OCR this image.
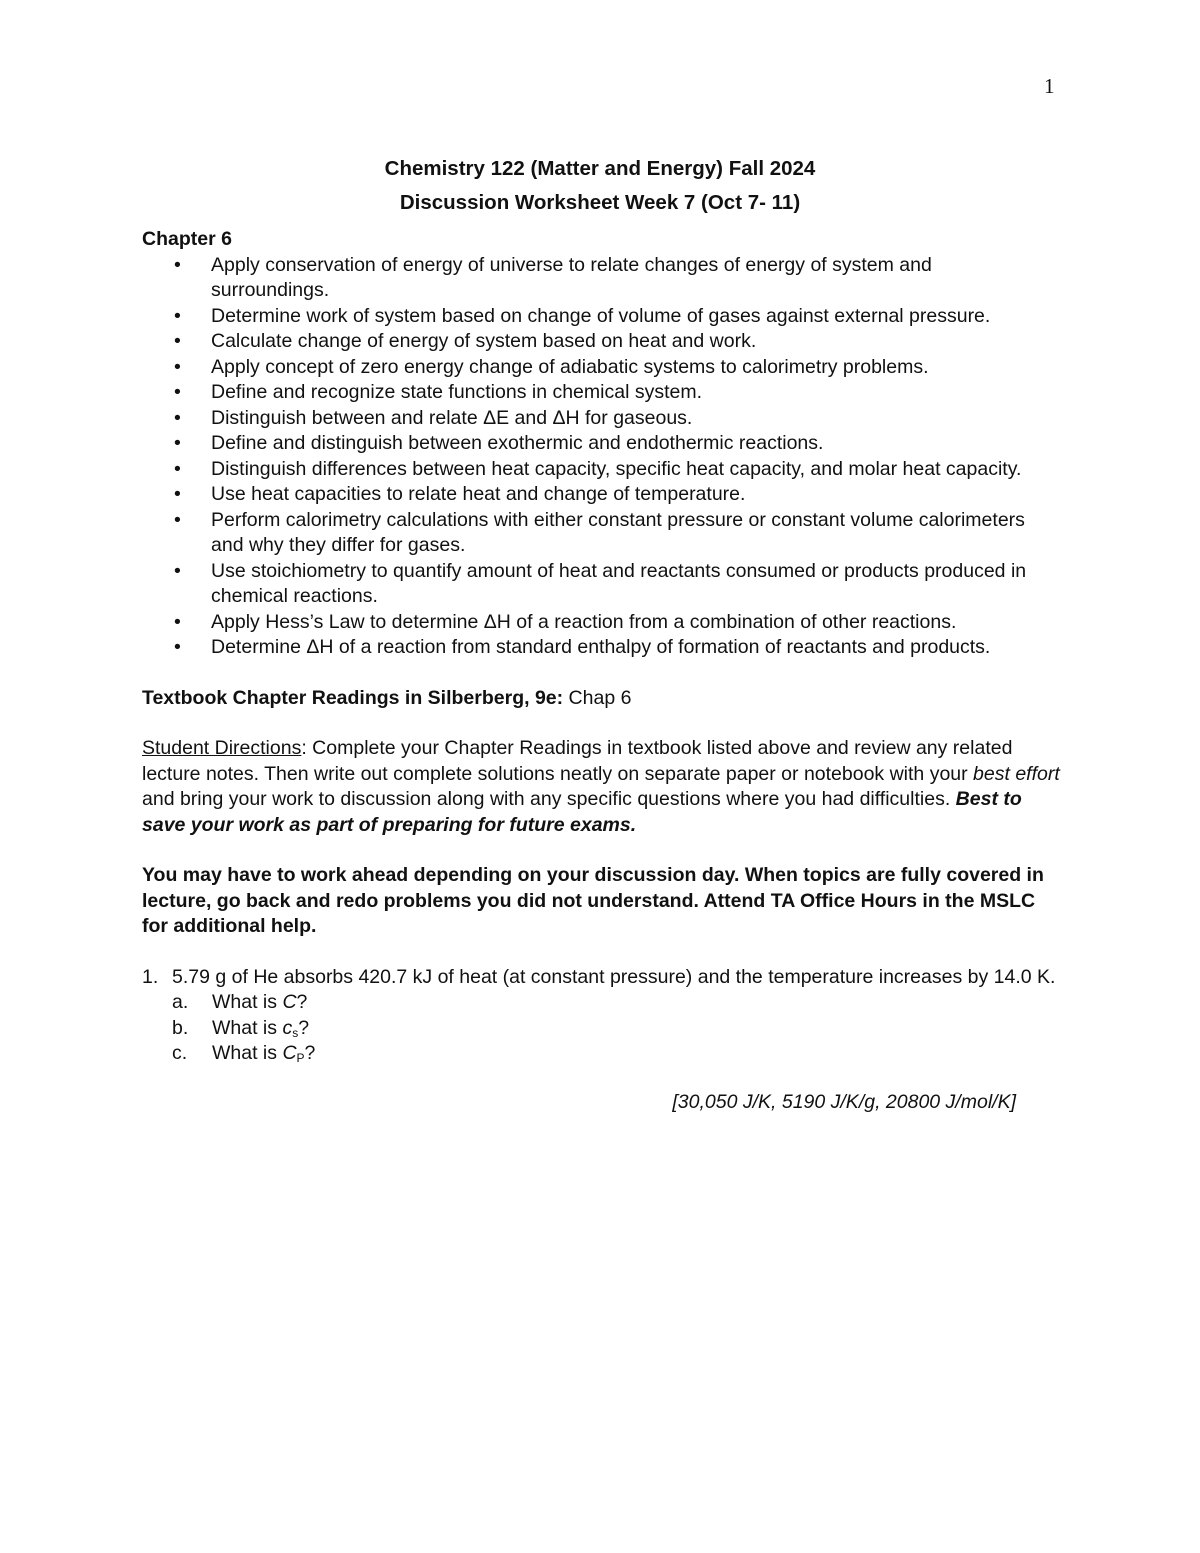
1
Chemistry 122 (Matter and Energy) Fall 2024
Discussion Worksheet Week 7 (Oct 7- 11)
Chapter 6
• Apply conservation of energy of universe to relate changes of energy of system and surroundings.
• Determine work of system based on change of volume of gases against external pressure.
• Calculate change of energy of system based on heat and work.
• Apply concept of zero energy change of adiabatic systems to calorimetry problems.
• Define and recognize state functions in chemical system.
• Distinguish between and relate ΔE and ΔH for gaseous.
• Define and distinguish between exothermic and endothermic reactions.
• Distinguish differences between heat capacity, specific heat capacity, and molar heat capacity.
• Use heat capacities to relate heat and change of temperature.
• Perform calorimetry calculations with either constant pressure or constant volume calorimeters and why they differ for gases.
• Use stoichiometry to quantify amount of heat and reactants consumed or products produced in chemical reactions.
• Apply Hess’s Law to determine ΔH of a reaction from a combination of other reactions.
• Determine ΔH of a reaction from standard enthalpy of formation of reactants and products.
Textbook Chapter Readings in Silberberg, 9e: Chap 6
Student Directions: Complete your Chapter Readings in textbook listed above and review any related lecture notes. Then write out complete solutions neatly on separate paper or notebook with your best effort and bring your work to discussion along with any specific questions where you had difficulties. Best to save your work as part of preparing for future exams.
You may have to work ahead depending on your discussion day. When topics are fully covered in lecture, go back and redo problems you did not understand. Attend TA Office Hours in the MSLC for additional help.
1. 5.79 g of He absorbs 420.7 kJ of heat (at constant pressure) and the temperature increases by 14.0 K.
a. What is C?
b. What is $c_s$?
c. What is $C_P$?
[30,050 J/K, 5190 J/K/g, 20800 J/mol/K]
